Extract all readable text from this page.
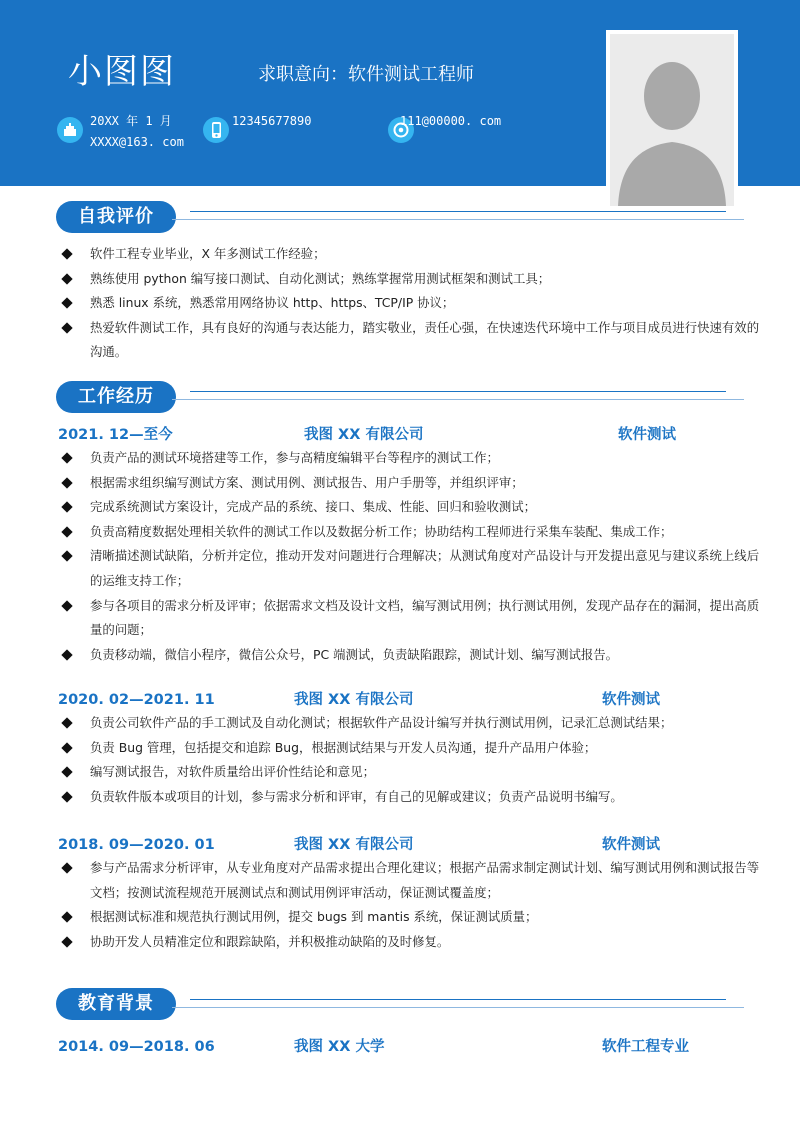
小图图	求职意向：软件测试工程师
20XX 年 1 月
XXXX@163. com
12345677890	111@00000. com
自我评价
软件工程专业毕业，X 年多测试工作经验；
熟练使用 python 编写接口测试、自动化测试；熟练掌握常用测试框架和测试工具；
熟悉 linux 系统，熟悉常用网络协议 http、https、TCP/IP 协议；
热爱软件测试工作，具有良好的沟通与表达能力，踏实敬业，责任心强，在快速迭代环境中工作与项目成员进行快速有效的沟通。
工作经历
2021. 12—至今	我图 XX 有限公司	软件测试
负责产品的测试环境搭建等工作，参与高精度编辑平台等程序的测试工作；
根据需求组织编写测试方案、测试用例、测试报告、用户手册等，并组织评审；
完成系统测试方案设计，完成产品的系统、接口、集成、性能、回归和验收测试；
负责高精度数据处理相关软件的测试工作以及数据分析工作；协助结构工程师进行采集车装配、集成工作；
清晰描述测试缺陷，分析并定位，推动开发对问题进行合理解决；从测试角度对产品设计与开发提出意见与建议系统上线后的运维支持工作；
参与各项目的需求分析及评审；依据需求文档及设计文档，编写测试用例；执行测试用例，发现产品存在的漏洞，提出高质量的问题；
负责移动端，微信小程序，微信公众号，PC 端测试，负责缺陷跟踪，测试计划、编写测试报告。
2020. 02—2021. 11	我图 XX 有限公司	软件测试
负责公司软件产品的手工测试及自动化测试；根据软件产品设计编写并执行测试用例，记录汇总测试结果；
负责 Bug 管理，包括提交和追踪 Bug，根据测试结果与开发人员沟通，提升产品用户体验；
编写测试报告，对软件质量给出评价性结论和意见；
负责软件版本或项目的计划，参与需求分析和评审，有自己的见解或建议；负责产品说明书编写。
2018. 09—2020. 01	我图 XX 有限公司	软件测试
参与产品需求分析评审，从专业角度对产品需求提出合理化建议；根据产品需求制定测试计划、编写测试用例和测试报告等文档；按测试流程规范开展测试点和测试用例评审活动，保证测试覆盖度；
根据测试标准和规范执行测试用例，提交 bugs 到 mantis 系统，保证测试质量；
协助开发人员精准定位和跟踪缺陷，并积极推动缺陷的及时修复。
教育背景
2014. 09—2018. 06	我图 XX 大学	软件工程专业
